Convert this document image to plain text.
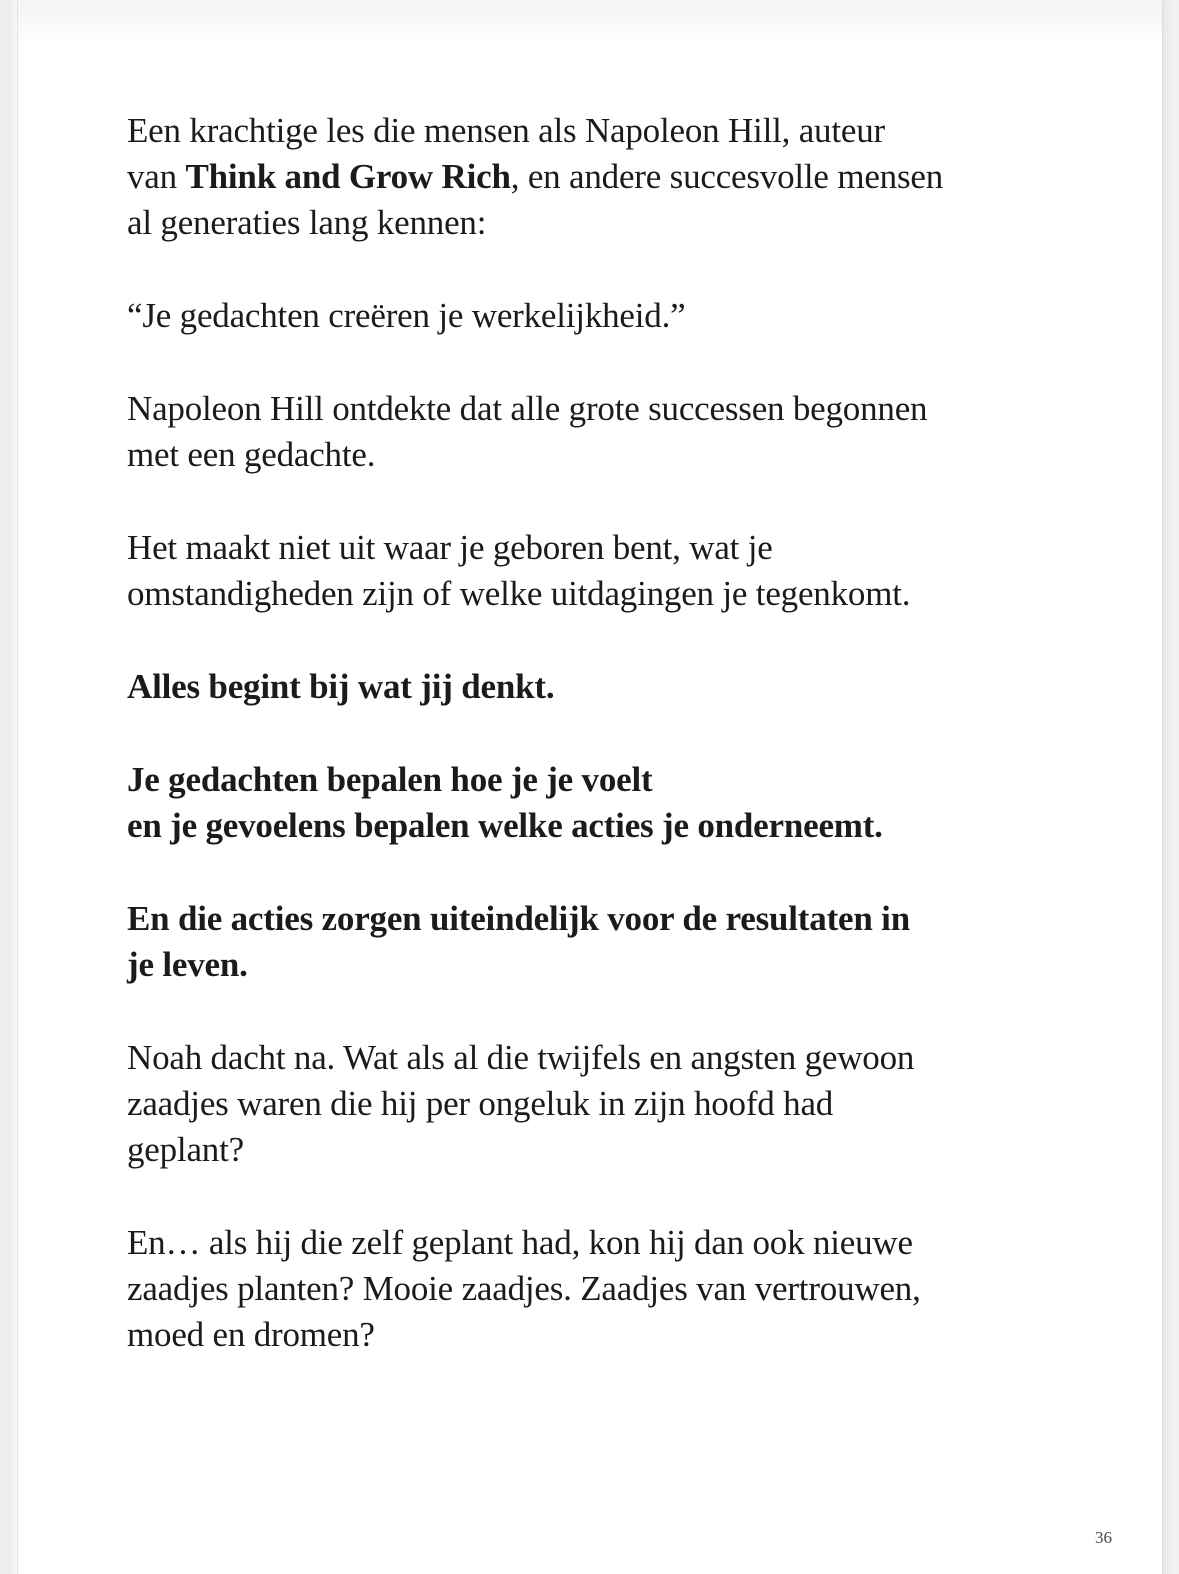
Een krachtige les die mensen als Napoleon Hill, auteur
van Think and Grow Rich, en andere succesvolle mensen
al generaties lang kennen:

“Je gedachten creëren je werkelijkheid.”

Napoleon Hill ontdekte dat alle grote successen begonnen
met een gedachte.

Het maakt niet uit waar je geboren bent, wat je
omstandigheden zijn of welke uitdagingen je tegenkomt.

Alles begint bij wat jij denkt.

Je gedachten bepalen hoe je je voelt
en je gevoelens bepalen welke acties je onderneemt.

En die acties zorgen uiteindelijk voor de resultaten in
je leven.

Noah dacht na. Wat als al die twijfels en angsten gewoon
zaadjes waren die hij per ongeluk in zijn hoofd had
geplant?

En… als hij die zelf geplant had, kon hij dan ook nieuwe
zaadjes planten? Mooie zaadjes. Zaadjes van vertrouwen,
moed en dromen?

36
